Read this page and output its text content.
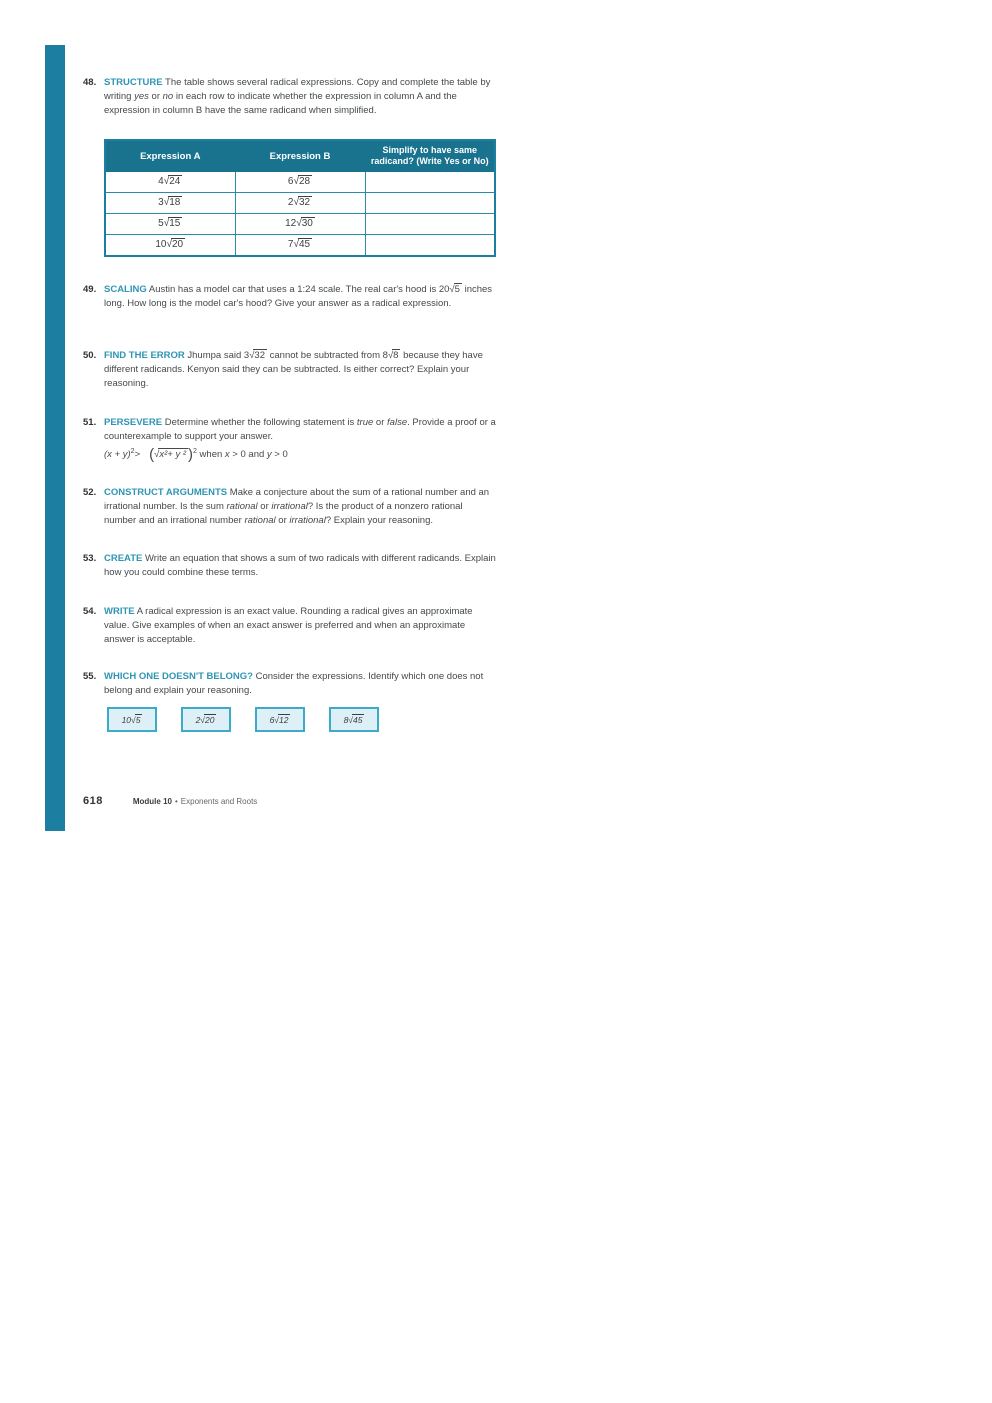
48. STRUCTURE The table shows several radical expressions. Copy and complete the table by writing yes or no in each row to indicate whether the expression in column A and the expression in column B have the same radicand when simplified.
Expression A	Expression B	Simplify to have same radicand? (Write Yes or No)
4√24	6√28	
3√18	2√32	
5√15	12√30	
10√20	7√45	
49. SCALING Austin has a model car that uses a 1:24 scale. The real car's hood is 20√5 inches long. How long is the model car's hood? Give your answer as a radical expression.
50. FIND THE ERROR Jhumpa said 3√32 cannot be subtracted from 8√8 because they have different radicands. Kenyon said they can be subtracted. Is either correct? Explain your reasoning.
51. PERSEVERE Determine whether the following statement is true or false. Provide a proof or a counterexample to support your answer.
$(x + y)^2> (√x^2+ y$ ² )$^2$ when x > 0 and y > 0
52. CONSTRUCT ARGUMENTS Make a conjecture about the sum of a rational number and an irrational number. Is the sum rational or irrational? Is the product of a nonzero rational number and an irrational number rational or irrational? Explain your reasoning.
53. CREATE Write an equation that shows a sum of two radicals with different radicands. Explain how you could combine these terms.
54. WRITE A radical expression is an exact value. Rounding a radical gives an approximate value. Give examples of when an exact answer is preferred and when an approximate answer is acceptable.
55. WHICH ONE DOESN'T BELONG? Consider the expressions. Identify which one does not belong and explain your reasoning.
10√5	2√20	6√12	8√45
618	Module 10 • Exponents and Roots
